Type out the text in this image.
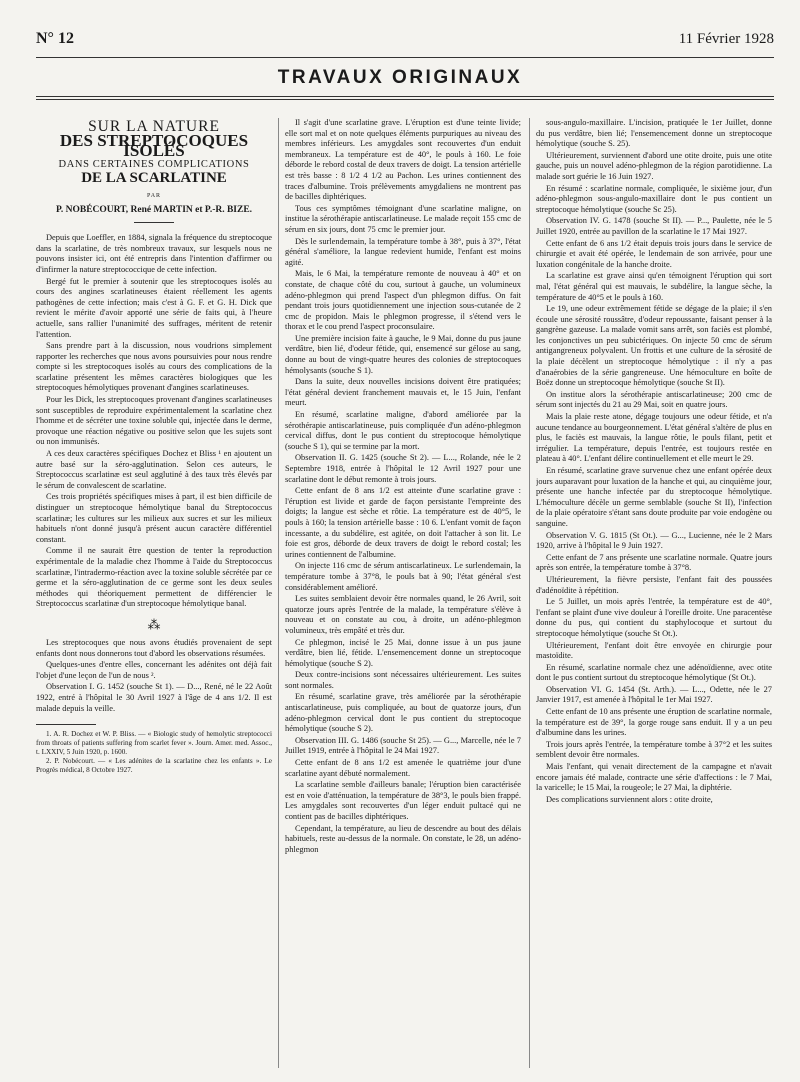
N° 12	11 Février 1928
TRAVAUX ORIGINAUX
SUR LA NATURE
DES STREPTOCOQUES ISOLÉS
DANS CERTAINES COMPLICATIONS
DE LA SCARLATINE
PAR
P. NOBÉCOURT, René MARTIN et P.-R. BIZE.

Depuis que Loeffler, en 1884, signala la fréquence du streptocoque dans la scarlatine, de très nombreux travaux, sur lesquels nous ne pouvons insister ici, ont été entrepris dans l'intention d'affirmer ou d'infirmer la nature streptococcique de cette infection.

Bergé fut le premier à soutenir que les streptocoques isolés au cours des angines scarlatineuses étaient réellement les agents pathogènes de cette infection; mais c'est à G. F. et G. H. Dick que revient le mérite d'avoir apporté une série de faits qui, à l'heure actuelle, sans rallier l'unanimité des suffrages, méritent de retenir l'attention.

Sans prendre part à la discussion, nous voudrions simplement rapporter les recherches que nous avons poursuivies pour nous rendre compte si les streptocoques isolés au cours des complications de la scarlatine présentent les mêmes caractères biologiques que les streptocoques hémolytiques provenant d'angines scarlatineuses.

Pour les Dick, les streptocoques provenant d'angines scarlatineuses sont susceptibles de reproduire expérimentalement la scarlatine chez l'homme et de sécréter une toxine soluble qui, injectée dans le derme, provoque une réaction négative ou positive selon que les sujets sont ou non immunisés.

A ces deux caractères spécifiques Dochez et Bliss ¹ en ajoutent un autre basé sur la séro-agglutination. Selon ces auteurs, le Streptococcus scarlatinæ est seul agglutiné à des taux très élevés par le sérum de convalescent de scarlatine.

Ces trois propriétés spécifiques mises à part, il est bien difficile de distinguer un streptocoque hémolytique banal du Streptococcus scarlatinæ; les cultures sur les milieux aux sucres et sur les milieux habituels n'ont donné jusqu'à présent aucun caractère différentiel constant.

Comme il ne saurait être question de tenter la reproduction expérimentale de la maladie chez l'homme à l'aide du Streptococcus scarlatinæ, l'intradermo-réaction avec la toxine soluble sécrétée par ce germe et la séro-agglutination de ce germe sont les deux seules méthodes qui théoriquement permettent de différencier le Streptococcus scarlatinæ d'un streptocoque hémolytique banal.

⁂

Les streptocoques que nous avons étudiés provenaient de sept enfants dont nous donnerons tout d'abord les observations résumées.

Quelques-unes d'entre elles, concernant les adénites ont déjà fait l'objet d'une leçon de l'un de nous ².

Observation I. G. 1452 (souche St 1). — D..., René, né le 22 Août 1922, entré à l'hôpital le 30 Avril 1927 à l'âge de 4 ans 1/2. Il est malade depuis la veille.

1. A. R. Dochez et W. P. Bliss. — « Biologic study of hemolytic streptococci from throats of patients suffering from scarlet fever ». Journ. Amer. med. Assoc., t. LXXIV, 5 Juin 1920, p. 1600.

2. P. Nobécourt. — « Les adénites de la scarlatine chez les enfants ». Le Progrès médical, 8 Octobre 1927.

Il s'agit d'une scarlatine grave. L'éruption est d'une teinte livide; elle sort mal et on note quelques éléments purpuriques au niveau des membres inférieurs. Les amygdales sont recouvertes d'un enduit membraneux. La température est de 40°, le pouls à 160. Le foie déborde le rebord costal de deux travers de doigt. La tension artérielle est très basse : 8 1/2 4 1/2 au Pachon. Les urines contiennent des traces d'albumine. Trois prélèvements amygdaliens ne montrent pas de bacilles diphtériques.

Tous ces symptômes témoignant d'une scarlatine maligne, on institue la sérothérapie antiscarlatineuse. Le malade reçoit 155 cmc de sérum en six jours, dont 75 cmc le premier jour.

Dès le surlendemain, la température tombe à 38°, puis à 37°, l'état général s'améliore, la langue redevient humide, l'enfant est moins agité.

Mais, le 6 Mai, la température remonte de nouveau à 40° et on constate, de chaque côté du cou, surtout à gauche, un volumineux adéno-phlegmon qui prend l'aspect d'un phlegmon diffus. On fait pendant trois jours quotidiennement une injection sous-cutanée de 2 cmc de propidon. Mais le phlegmon progresse, il s'étend vers le thorax et le cou prend l'aspect proconsulaire.

Une première incision faite à gauche, le 9 Mai, donne du pus jaune verdâtre, bien lié, d'odeur fétide, qui, ensemencé sur gélose au sang, donne au bout de vingt-quatre heures des colonies de streptocoques hémolysants (souche S 1).

Dans la suite, deux nouvelles incisions doivent être pratiquées; l'état général devient franchement mauvais et, le 15 Juin, l'enfant meurt.

En résumé, scarlatine maligne, d'abord améliorée par la sérothérapie antiscarlatineuse, puis compliquée d'un adéno-phlegmon cervical diffus, dont le pus contient du streptocoque hémolytique (souche S 1), qui se termine par la mort.

Observation II. G. 1425 (souche St 2). — L..., Rolande, née le 2 Septembre 1918, entrée à l'hôpital le 12 Avril 1927 pour une scarlatine dont le début remonte à trois jours.

Cette enfant de 8 ans 1/2 est atteinte d'une scarlatine grave : l'éruption est livide et garde de façon persistante l'empreinte des doigts; la langue est sèche et rôtie. La température est de 40°5, le pouls à 160; la tension artérielle basse : 10 6. L'enfant vomit de façon incessante, a du subdélire, est agitée, on doit l'attacher à son lit. Le foie est gros, déborde de deux travers de doigt le rebord costal; les urines contiennent de l'albumine.

On injecte 116 cmc de sérum antiscarlatineux. Le surlendemain, la température tombe à 37°8, le pouls bat à 90; l'état général s'est considérablement amélioré.

Les suites semblaient devoir être normales quand, le 26 Avril, soit quatorze jours après l'entrée de la malade, la température s'élève à nouveau et on constate au cou, à droite, un adéno-phlegmon volumineux, très empâté et très dur.

Ce phlegmon, incisé le 25 Mai, donne issue à un pus jaune verdâtre, bien lié, fétide. L'ensemencement donne un streptocoque hémolytique (souche S 2).

Deux contre-incisions sont nécessaires ultérieurement. Les suites sont normales.

En résumé, scarlatine grave, très améliorée par la sérothérapie antiscarlatineuse, puis compliquée, au bout de quatorze jours, d'un adéno-phlegmon cervical dont le pus contient du streptocoque hémolytique (souche S 2).

Observation III. G. 1486 (souche St 25). — G..., Marcelle, née le 7 Juillet 1919, entrée à l'hôpital le 24 Mai 1927.

Cette enfant de 8 ans 1/2 est amenée le quatrième jour d'une scarlatine ayant débuté normalement.

La scarlatine semble d'ailleurs banale; l'éruption bien caractérisée est en voie d'atténuation, la température de 38°3, le pouls bien frappé. Les amygdales sont recouvertes d'un léger enduit pultacé qui ne contient pas de bacilles diphtériques.

Cependant, la température, au lieu de descendre au bout des délais habituels, reste au-dessus de la normale. On constate, le 28, un adéno-phlegmon

sous-angulo-maxillaire. L'incision, pratiquée le 1er Juillet, donne du pus verdâtre, bien lié; l'ensemencement donne un streptocoque hémolytique (souche S. 25).

Ultérieurement, surviennent d'abord une otite droite, puis une otite gauche, puis un nouvel adéno-phlegmon de la région parotidienne. La malade sort guérie le 16 Juin 1927.

En résumé : scarlatine normale, compliquée, le sixième jour, d'un adéno-phlegmon sous-angulo-maxillaire dont le pus contient un streptocoque hémolytique (souche Sc 25).

Observation IV. G. 1478 (souche St II). — P..., Paulette, née le 5 Juillet 1920, entrée au pavillon de la scarlatine le 17 Mai 1927.

Cette enfant de 6 ans 1/2 était depuis trois jours dans le service de chirurgie et avait été opérée, le lendemain de son arrivée, pour une luxation congénitale de la hanche droite.

La scarlatine est grave ainsi qu'en témoignent l'éruption qui sort mal, l'état général qui est mauvais, le subdélire, la langue sèche, la température de 40°5 et le pouls à 160.

Le 19, une odeur extrêmement fétide se dégage de la plaie; il s'en écoule une sérosité roussâtre, d'odeur repoussante, faisant penser à la gangrène gazeuse. La malade vomit sans arrêt, son faciès est plombé, les conjonctives un peu subictériques. On injecte 50 cmc de sérum antigangreneux polyvalent. Un frottis et une culture de la sérosité de la plaie décèlent un streptocoque hémolytique : il n'y a pas d'anaérobies de la série gangreneuse. Une hémoculture en boîte de Boëz donne un streptocoque hémolytique (souche St II).

On institue alors la sérothérapie antiscarlatineuse; 200 cmc de sérum sont injectés du 21 au 29 Mai, soit en quatre jours.

Mais la plaie reste atone, dégage toujours une odeur fétide, et n'a aucune tendance au bourgeonnement. L'état général s'altère de plus en plus, le faciès est mauvais, la langue rôtie, le pouls filant, petit et irrégulier. La température, depuis l'entrée, est toujours restée en plateau à 40°. L'enfant délire continuellement et elle meurt le 29.

En résumé, scarlatine grave survenue chez une enfant opérée deux jours auparavant pour luxation de la hanche et qui, au cinquième jour, présente une hanche infectée par du streptocoque hémolytique. L'hémoculture décèle un germe semblable (souche St II), l'infection de la plaie opératoire s'étant sans doute produite par voie endogène ou sanguine.

Observation V. G. 1815 (St Ot.). — G..., Lucienne, née le 2 Mars 1920, arrive à l'hôpital le 9 Juin 1927.

Cette enfant de 7 ans présente une scarlatine normale. Quatre jours après son entrée, la température tombe à 37°8.

Ultérieurement, la fièvre persiste, l'enfant fait des poussées d'adénoïdite à répétition.

Le 5 Juillet, un mois après l'entrée, la température est de 40°, l'enfant se plaint d'une vive douleur à l'oreille droite. Une paracentèse donne du pus, qui contient du staphylocoque et surtout du streptocoque hémolytique (souche St Ot.).

Ultérieurement, l'enfant doit être envoyée en chirurgie pour mastoïdite.

En résumé, scarlatine normale chez une adénoïdienne, avec otite dont le pus contient surtout du streptocoque hémolytique (St Ot.).

Observation VI. G. 1454 (St. Arth.). — L..., Odette, née le 27 Janvier 1917, est amenée à l'hôpital le 1er Mai 1927.

Cette enfant de 10 ans présente une éruption de scarlatine normale, la température est de 39°, la gorge rouge sans enduit. Il y a un peu d'albumine dans les urines.

Trois jours après l'entrée, la température tombe à 37°2 et les suites semblent devoir être normales.

Mais l'enfant, qui venait directement de la campagne et n'avait encore jamais été malade, contracte une série d'affections : le 7 Mai, la varicelle; le 15 Mai, la rougeole; le 27 Mai, la diphtérie.

Des complications surviennent alors : otite droite,
